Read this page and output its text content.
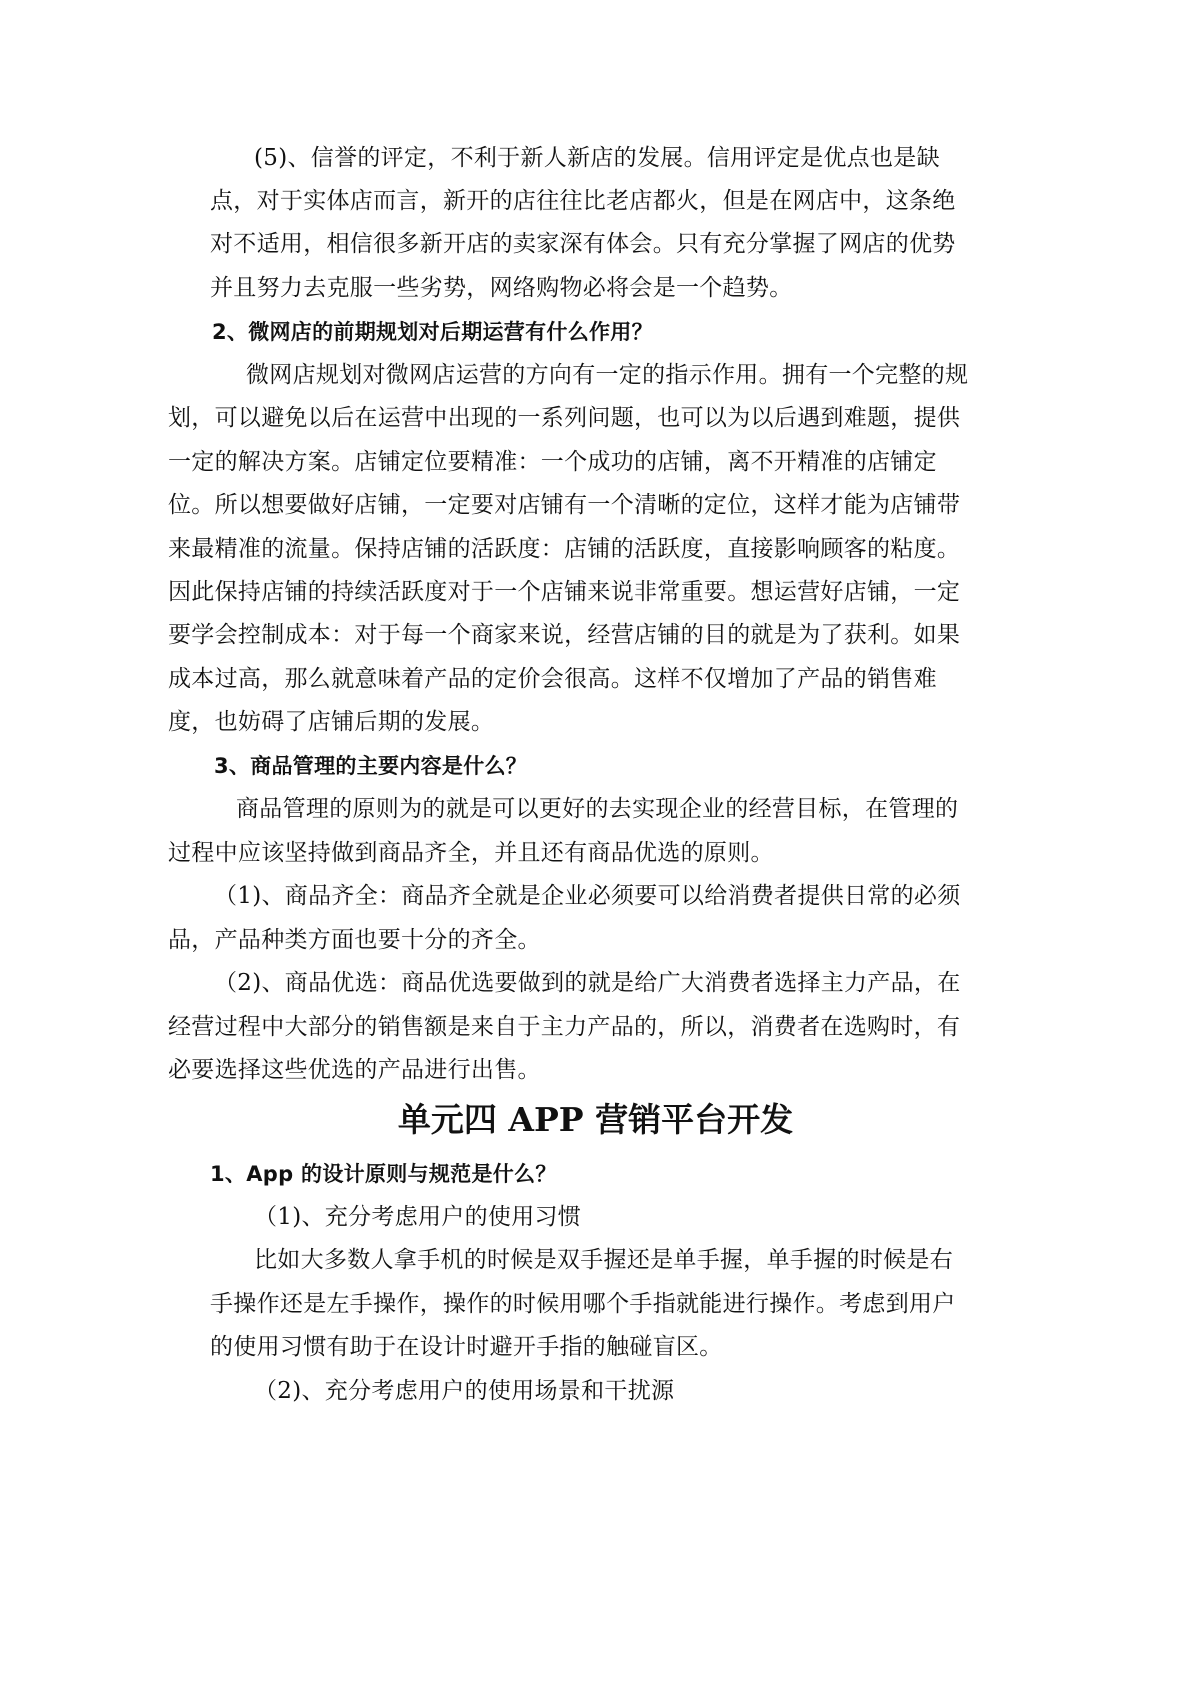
(5)、信誉的评定，不利于新人新店的发展。信用评定是优点也是缺
点，对于实体店而言，新开的店往往比老店都火，但是在网店中，这条绝
对不适用，相信很多新开店的卖家深有体会。只有充分掌握了网店的优势
并且努力去克服一些劣势，网络购物必将会是一个趋势。
2、微网店的前期规划对后期运营有什么作用？
微网店规划对微网店运营的方向有一定的指示作用。拥有一个完整的规
划，可以避免以后在运营中出现的一系列问题，也可以为以后遇到难题，提供
一定的解决方案。店铺定位要精准：一个成功的店铺，离不开精准的店铺定
位。所以想要做好店铺，一定要对店铺有一个清晰的定位，这样才能为店铺带
来最精准的流量。保持店铺的活跃度：店铺的活跃度，直接影响顾客的粘度。
因此保持店铺的持续活跃度对于一个店铺来说非常重要。想运营好店铺，一定
要学会控制成本：对于每一个商家来说，经营店铺的目的就是为了获利。如果
成本过高，那么就意味着产品的定价会很高。这样不仅增加了产品的销售难
度，也妨碍了店铺后期的发展。
3、商品管理的主要内容是什么？
商品管理的原则为的就是可以更好的去实现企业的经营目标，在管理的
过程中应该坚持做到商品齐全，并且还有商品优选的原则。
（1)、商品齐全：商品齐全就是企业必须要可以给消费者提供日常的必须
品，产品种类方面也要十分的齐全。
（2)、商品优选：商品优选要做到的就是给广大消费者选择主力产品，在
经营过程中大部分的销售额是来自于主力产品的，所以，消费者在选购时，有
必要选择这些优选的产品进行出售。
单元四 APP 营销平台开发
1、App 的设计原则与规范是什么？
（1)、充分考虑用户的使用习惯
比如大多数人拿手机的时候是双手握还是单手握，单手握的时候是右
手操作还是左手操作，操作的时候用哪个手指就能进行操作。考虑到用户
的使用习惯有助于在设计时避开手指的触碰盲区。
（2)、充分考虑用户的使用场景和干扰源
